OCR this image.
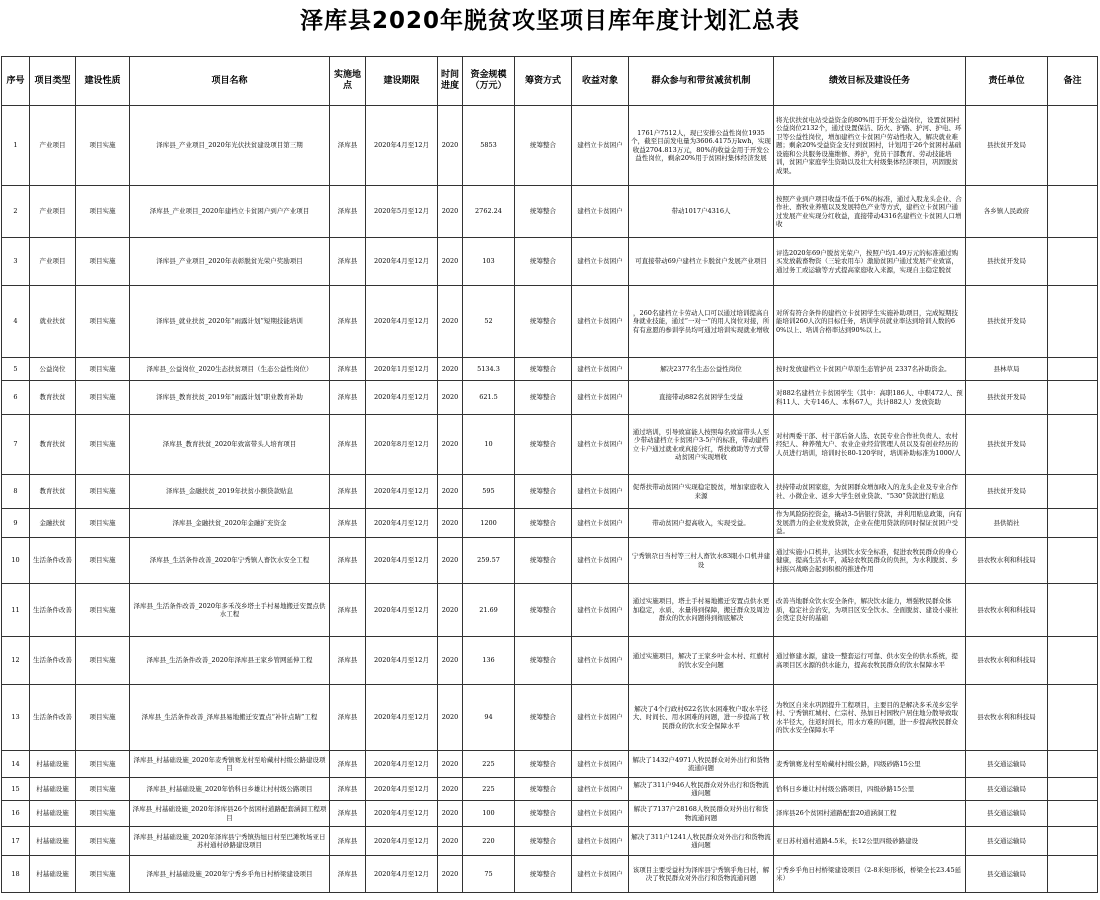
泽库县2020年脱贫攻坚项目库年度计划汇总表
序号	项目类型	建设性质	项目名称	实施地点	建设期限	时间进度	资金规模（万元）	筹资方式	收益对象	群众参与和带贫减贫机制	绩效目标及建设任务	责任单位	备注
1	产业项目	项目实施	泽库县_产业项目_2020年光伏扶贫建设项目第三期	泽库县	2020年4月至12月	2020	5853	统筹整合	建档立卡贫困户	1761户7512人，现已安排公益性岗位1935个，截至目前发电量为3606.4175万kwh，实现收益2704.813万元，80%的收益金用于开发公益性岗位，剩余20%用于贫困村集体经济发展	将光伏扶贫电站受益资金的80%用于开发公益岗位，设置贫困村公益岗位2132个，通过设置保洁、防火、护路、护河、护电、环卫等公益性岗位，增加建档立卡贫困户劳动性收入，解决就业难题；剩余20%受益资金支付到贫困村，计划用于26个贫困村基础设施和公共服务设施维修、养护，党员干部教育、劳动技能培训，贫困户家庭学生资助以及壮大村级集体经济项目，巩固脱贫成果。	县扶贫开发局	
2	产业项目	项目实施	泽库县_产业项目_2020年建档立卡贫困户到户产业项目	泽库县	2020年5月至12月	2020	2762.24	统筹整合	建档立卡贫困户	带动1017户4316人	按照产业到户项目收益不低于6%的标准，通过入股龙头企业、合作社、畜牧业养殖以及发展特色产业等方式，建档立卡贫困户通过发展产业实现分红收益，直接带动4316名建档立卡贫困人口增收	各乡镇人民政府	
3	产业项目	项目实施	泽库县_产业项目_2020年表彰脱贫光荣户奖励项目	泽库县	2020年4月至12月	2020	103	统筹整合	建档立卡贫困户	可直接带动69户建档立卡脱贫户发展产业项目	评选2020年69户脱贫光荣户，按照户均1.49万元的标准通过购买发放载畜物资（三轮农用车）激励贫困户通过发展产业致富，通过务工或运输等方式提高家庭收入来源，实现自主稳定脱贫	县扶贫开发局	
4	就业扶贫	项目实施	泽库县_就业扶贫_2020年“雨露计划”短期技能培训	泽库县	2020年4月至12月	2020	52	统筹整合	建档立卡贫困户	，260名建档立卡劳动人口可以通过培训提高自身就业技能，通过“一对一”的用人岗位对接，所有有意愿的参训学员均可通过培训实现就业增收	对所有符合条件的建档立卡贫困学生实施补助项目，完成短期技能培训260人次的目标任务，培训学员就业率达到培训人数的60%以上、培训合格率达到90%以上。	县扶贫开发局	
5	公益岗位	项目实施	泽库县_公益岗位_2020生态扶贫项目（生态公益性岗位）	泽库县	2020年1月至12月	2020	5134.3	统筹整合	建档立卡贫困户	解决2377名生态公益性岗位	按时发放建档立卡贫困户草原生态管护员 2337名补助资金。	县林草局	
6	教育扶贫	项目实施	泽库县_教育扶贫_2019年“雨露计划”职业教育补助	泽库县	2020年4月至12月	2020	621.5	统筹整合	建档立卡贫困户	直接带动882名贫困学生受益	对882名建档立卡贫困学生（其中：高职186人、中职472人、预科11人、大专146人、本科67人，共计882人）发放资助	县扶贫开发局	
7	教育扶贫	项目实施	泽库县_教育扶贫_2020年致富带头人培育项目	泽库县	2020年8月至12月	2020	10	统筹整合	建档立卡贫困户	通过培训，引导致富能人按照每名致富带头人至少带动建档立卡贫困户3-5户的标准，带动建档立卡户通过就业或真接分红，帮扶救助等方式带动贫困户实现增收	对村两委干部、村干部后备人选、农民专业合作社负责人、农村经纪人、种养殖大户、农业企业经营管理人员以及有创业经历的人员进行培训，培训时长80-120学时，培训补助标准为1000/人	县扶贫开发局	
8	教育扶贫	项目实施	泽库县_金融扶贫_2019年扶贫小额贷款贴息	泽库县	2020年4月至12月	2020	595	统筹整合	建档立卡贫困户	促帮扶带动贫困户实现稳定脱贫，增加家庭收入来源	扶持带动贫困家庭，为贫困群众增加收入的龙头企业及专业合作社、小微企业、返乡大学生创业贷款、“530”贷款进行贴息	县扶贫开发局	
9	金融扶贫	项目实施	泽库县_金融扶贫_2020年金融扩充资金	泽库县	2020年4月至12月	2020	1200	统筹整合	建档立卡贫困户	带动贫困户提高收入，实现受益。	作为风险防控资金，撬动3-5倍银行贷款，并利用贴息政策，向有发展潜力的企业发放贷款，企业在使用贷款的同时保证贫困户受益。	县供销社	
10	生活条件改善	项目实施	泽库县_生活条件改善_2020年宁秀镇人畜饮水安全工程	泽库县	2020年4月至12月	2020	259.57	统筹整合	建档立卡贫困户	宁秀镇尕日当村等三村人畜饮水83眼小口机井建设	通过实施小口机井，达到饮水安全标准，促进农牧民群众的身心健康，提高生活水平，减轻农牧民群众的负担，为水利脱贫、乡村振兴战略会起到积极的推进作用	县农牧水利和科技局	
11	生活条件改善	项目实施	泽库县_生活条件改善_2020年多禾茂乡塔土手村易地搬迁安置点供水工程	泽库县	2020年4月至12月	2020	21.69	统筹整合	建档立卡贫困户	通过实施项目，塔土手村易地搬迁安置点供水更加稳定，水质、水量得到保障，搬迁群众及周边群众的饮水问题得到彻底解决	改善当地群众饮水安全条件，解决饮水能力，增强牧民群众体质，稳定社会治安，为项目区安全饮水、全面脱贫、建设小康社会奠定良好的基础	县农牧水利和科技局	
12	生活条件改善	项目实施	泽库县_生活条件改善_2020年泽库县王家乡管网延伸工程	泽库县	2020年4月至12月	2020	136	统筹整合	建档立卡贫困户	通过实施项目，解决了王家乡叶金木村、红旗村的饮水安全问题	通过修建水源，建设一整套运行可靠、供水安全的供水系统，提高项目区水源的供水能力，提高农牧民群众的饮水保障水平	县农牧水利和科技局	
13	生活条件改善	项目实施	泽库县_生活条件改善_泽库县易地搬迁安置点“补针点睛”工程	泽库县	2020年4月至12月	2020	94	统筹整合	建档立卡贫困户	解决了4个行政村622名饮水困难牧户取水半径大、时间长、用水困难的问题，进一步提高了牧民群众的饮水安全保障水平	为牧区自来水巩固提升工程项目，主要目的是解决多禾茂乡宏学村、宁秀镇红城村、仁宗村、热加日村园牧户居住地分散导致取水半径大，往返时间长，用水方难的问题，进一步提高牧民群众的饮水安全保障水平	县农牧水利和科技局	
14	村基础设施	项目实施	泽库县_村基础设施_2020年麦秀镇赛龙村至哈藏村村级公路建设项目	泽库县	2020年4月至12月	2020	225	统筹整合	建档立卡贫困户	解决了1432户4971人牧民群众对外出行和货物流通问题	麦秀镇赛龙村至哈藏村村级公路，四级砂路15公里	县交通运输局	
15	村基础设施	项目实施	泽库县_村基础设施_2020年恰科日乡雄让村村级公路项目	泽库县	2020年4月至12月	2020	225	统筹整合	建档立卡贫困户	解决了311户946人牧民群众对外出行和货物流通问题	恰科日乡雄让村村级公路项目，四级砂路15公里	县交通运输局	
16	村基础设施	项目实施	泽库县_村基础设施_2020年泽库县26个贫困村道路配套涵洞工程项目	泽库县	2020年4月至12月	2020	100	统筹整合	建档立卡贫困户	解决了7137户28168人牧民群众对外出行和货物流通问题	泽库县26个贫困村道路配套20道涵洞工程	县交通运输局	
17	村基础设施	项目实施	泽库县_村基础设施_2020年泽库县宁秀镇热旭日村至巴滩牧场亚日苏村通村砂路建设项目	泽库县	2020年4月至12月	2020	220	统筹整合	建档立卡贫困户	解决了311户1241人牧民群众对外出行和货物流通问题	亚日苏村通村道路4.5米，长12公里四级砂路建设	县交通运输局	
18	村基础设施	项目实施	泽库县_村基础设施_2020年宁秀乡乎角日村桥梁建设项目	泽库县	2020年4月至12月	2020	75	统筹整合	建档立卡贫困户	该项目主要受益村为泽库县宁秀镇乎角日村，解决了牧民群众对外出行和货物流通问题	宁秀乡乎角日村桥梁建设项目（2-8米矩形板，桥梁全长23.45延米）	县交通运输局	
